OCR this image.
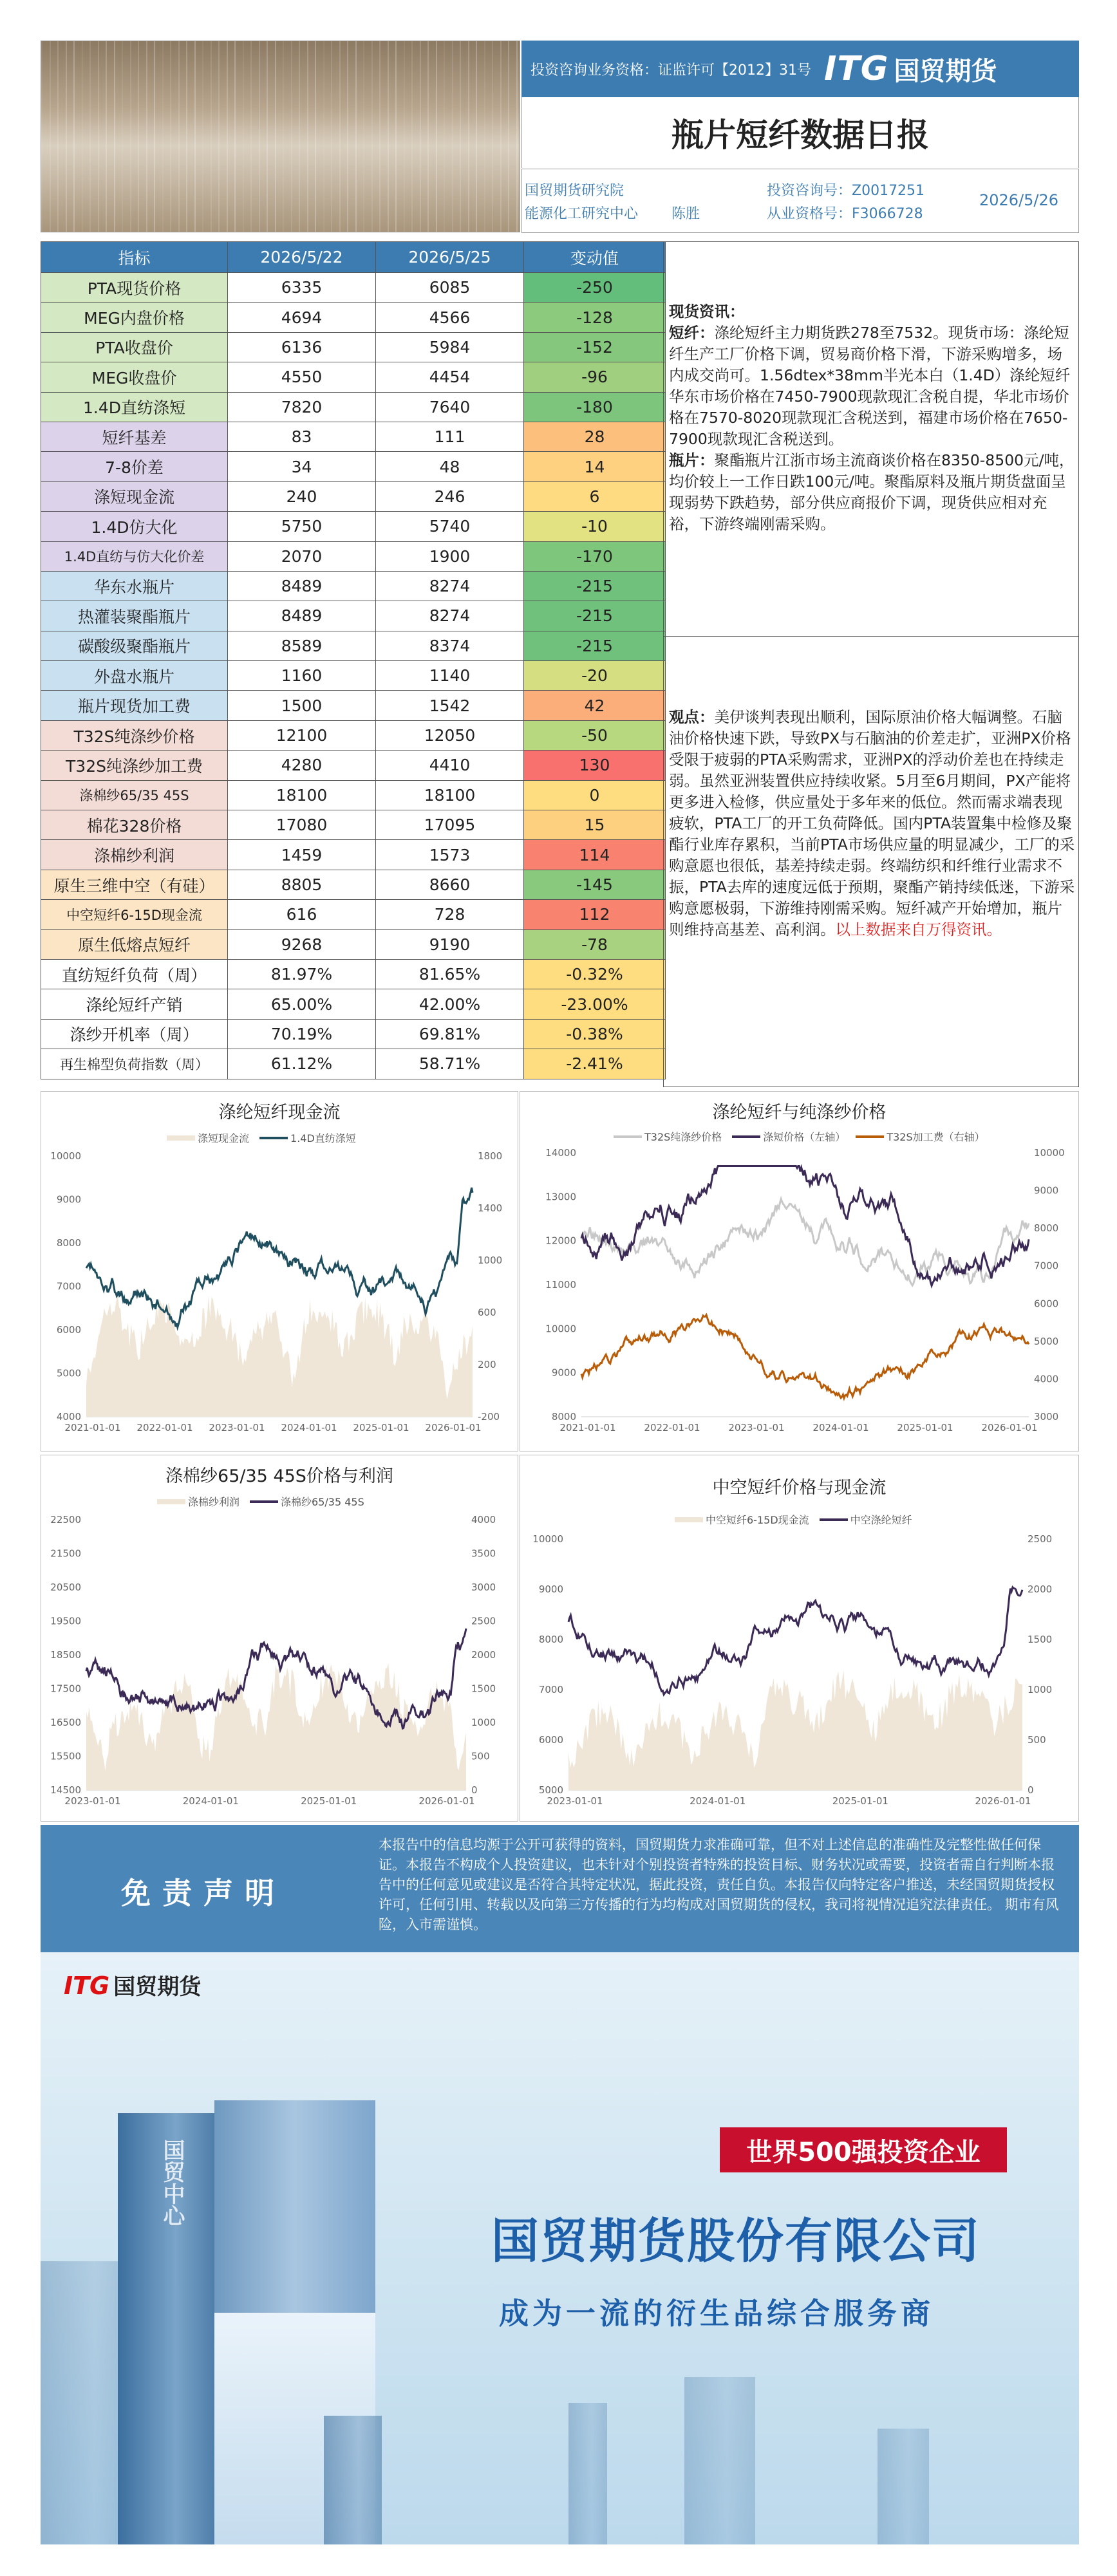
投资咨询业务资格：证监许可【2012】31号 ITG 国贸期货
瓶片短纤数据日报
国贸期货研究院
能源化工研究中心 陈胜
投资咨询号：Z0017251
从业资格号：F3066728
2026/5/26
指标	2026/5/22	2026/5/25	变动值
PTA现货价格	6335	6085	-250
MEG内盘价格	4694	4566	-128
PTA收盘价	6136	5984	-152
MEG收盘价	4550	4454	-96
1.4D直纺涤短	7820	7640	-180
短纤基差	83	111	28
7-8价差	34	48	14
涤短现金流	240	246	6
1.4D仿大化	5750	5740	-10
1.4D直纺与仿大化价差	2070	1900	-170
华东水瓶片	8489	8274	-215
热灌装聚酯瓶片	8489	8274	-215
碳酸级聚酯瓶片	8589	8374	-215
外盘水瓶片	1160	1140	-20
瓶片现货加工费	1500	1542	42
T32S纯涤纱价格	12100	12050	-50
T32S纯涤纱加工费	4280	4410	130
涤棉纱65/35 45S	18100	18100	0
棉花328价格	17080	17095	15
涤棉纱利润	1459	1573	114
原生三维中空（有硅）	8805	8660	-145
中空短纤6-15D现金流	616	728	112
原生低熔点短纤	9268	9190	-78
直纺短纤负荷（周）	81.97%	81.65%	-0.32%
涤纶短纤产销	65.00%	42.00%	-23.00%
涤纱开机率（周）	70.19%	69.81%	-0.38%
再生棉型负荷指数（周）	61.12%	58.71%	-2.41%
现货资讯：
短纤：涤纶短纤主力期货跌278至7532。现货市场：涤纶短纤生产工厂价格下调，贸易商价格下滑，下游采购增多，场内成交尚可。1.56dtex*38mm半光本白（1.4D）涤纶短纤华东市场价格在7450-7900现款现汇含税自提，华北市场价格在7570-8020现款现汇含税送到，福建市场价格在7650-7900现款现汇含税送到。
瓶片：聚酯瓶片江浙市场主流商谈价格在8350-8500元/吨，均价较上一工作日跌100元/吨。聚酯原料及瓶片期货盘面呈现弱势下跌趋势，部分供应商报价下调，现货供应相对充裕，下游终端刚需采购。
观点：美伊谈判表现出顺利，国际原油价格大幅调整。石脑油价格快速下跌，导致PX与石脑油的价差走扩，亚洲PX价格受限于疲弱的PTA采购需求，亚洲PX的浮动价差也在持续走弱。虽然亚洲装置供应持续收紧。5月至6月期间，PX产能将更多进入检修，供应量处于多年来的低位。然而需求端表现疲软，PTA工厂的开工负荷降低。国内PTA装置集中检修及聚酯行业库存累积，当前PTA市场供应量的明显减少，工厂的采购意愿也很低，基差持续走弱。终端纺织和纤维行业需求不振，PTA去库的速度远低于预期，聚酯产销持续低迷，下游采购意愿极弱，下游维持刚需采购。短纤减产开始增加，瓶片则维持高基差、高利润。以上数据来自万得资讯。
涤纶短纤现金流
涤短现金流	1.4D直纺涤短
10000
9000
8000
7000
6000
5000
4000
1800
1400
1000
600
200
-200
2021-01-01 2022-01-01 2023-01-01 2024-01-01 2025-01-01 2026-01-01
涤纶短纤与纯涤纱价格
T32S纯涤纱价格	涤短价格（左轴）	T32S加工费（右轴）
14000
13000
12000
11000
10000
9000
8000
10000
9000
8000
7000
6000
5000
4000
3000
2021-01-01	2022-01-01	2023-01-01	2024-01-01	2025-01-01	2026-01-01
涤棉纱65/35 45S价格与利润
涤棉纱利润	涤棉纱65/35 45S
22500
21500
20500
19500
18500
17500
16500
15500
14500
4000
3500
3000
2500
2000
1500
1000
500
0
2023-01-01	2024-01-01	2025-01-01	2026-01-01
中空短纤价格与现金流
中空短纤6-15D现金流	中空涤纶短纤
10000
9000
8000
7000
6000
5000
2500
2000
1500
1000
500
0
2023-01-01	2024-01-01	2025-01-01	2026-01-01
免责声明
本报告中的信息均源于公开可获得的资料，国贸期货力求准确可靠，但不对上述信息的准确性及完整性做任何保证。本报告不构成个人投资建议，也未针对个别投资者特殊的投资目标、财务状况或需要，投资者需自行判断本报告中的任何意见或建议是否符合其特定状况，据此投资，责任自负。本报告仅向特定客户推送，未经国贸期货授权许可，任何引用、转载以及向第三方传播的行为均构成对国贸期货的侵权，我司将视情况追究法律责任。 期市有风险，入市需谨慎。
ITG 国贸期货
国贸中心	世界500强投资企业
国贸期货股份有限公司
成为一流的衍生品综合服务商
